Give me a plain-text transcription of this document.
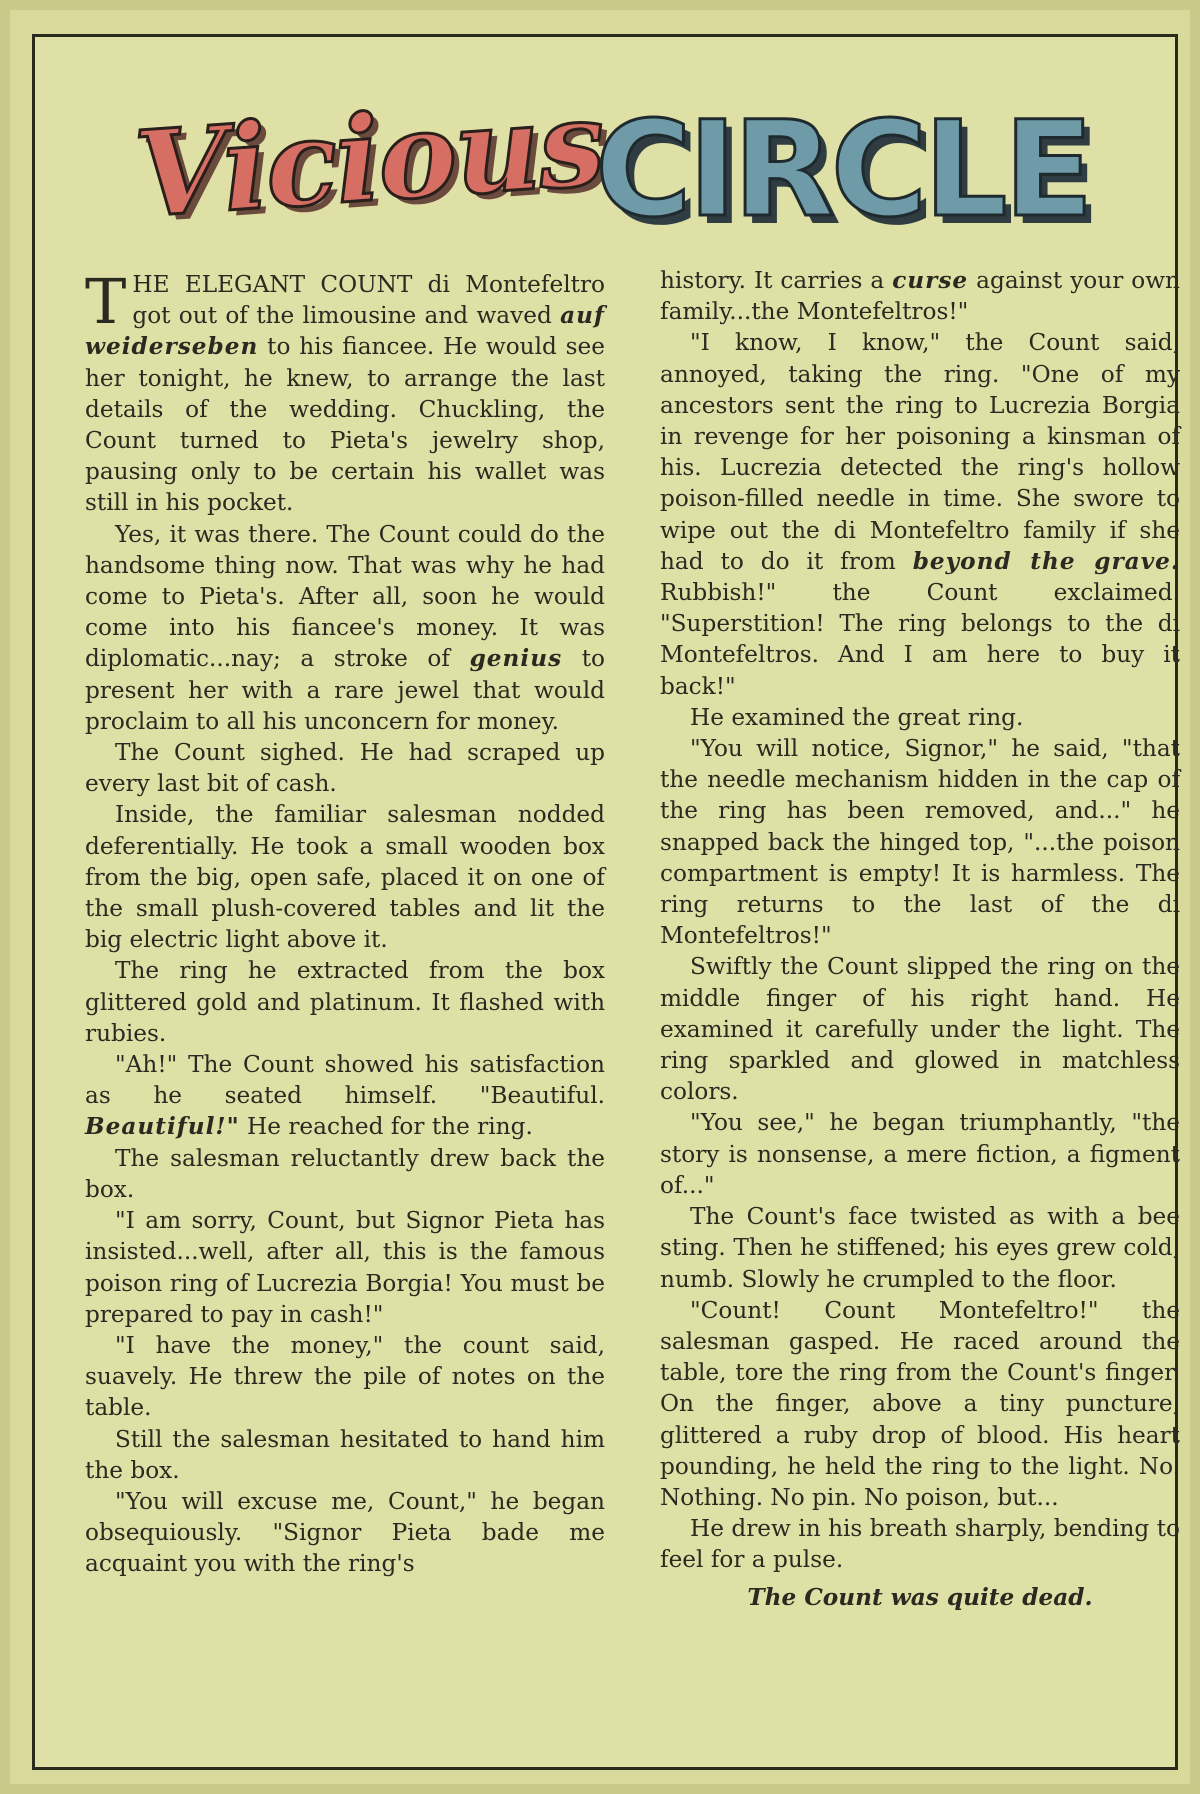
Vicious
CIRCLE

THE ELEGANT COUNT di Montefeltro got out of the limousine and waved auf weiderseben to his fiancee. He would see her tonight, he knew, to arrange the last details of the wedding. Chuckling, the Count turned to Pieta's jewelry shop, pausing only to be certain his wallet was still in his pocket.

Yes, it was there. The Count could do the handsome thing now. That was why he had come to Pieta's. After all, soon he would come into his fiancee's money. It was diplomatic...nay; a stroke of genius to present her with a rare jewel that would proclaim to all his unconcern for money.

The Count sighed. He had scraped up every last bit of cash.

Inside, the familiar salesman nodded deferentially. He took a small wooden box from the big, open safe, placed it on one of the small plush-covered tables and lit the big electric light above it.

The ring he extracted from the box glittered gold and platinum. It flashed with rubies.

"Ah!" The Count showed his satisfaction as he seated himself. "Beautiful. Beautiful!" He reached for the ring.

The salesman reluctantly drew back the box.

"I am sorry, Count, but Signor Pieta has insisted...well, after all, this is the famous poison ring of Lucrezia Borgia! You must be prepared to pay in cash!"

"I have the money," the count said, suavely. He threw the pile of notes on the table.

Still the salesman hesitated to hand him the box.

"You will excuse me, Count," he began obsequiously. "Signor Pieta bade me acquaint you with the ring's

history. It carries a curse against your own family...the Montefeltros!"

"I know, I know," the Count said, annoyed, taking the ring. "One of my ancestors sent the ring to Lucrezia Borgia in revenge for her poisoning a kinsman of his. Lucrezia detected the ring's hollow poison-filled needle in time. She swore to wipe out the di Montefeltro family if she had to do it from beyond the grave. Rubbish!" the Count exclaimed. "Superstition! The ring belongs to the di Montefeltros. And I am here to buy it back!"

He examined the great ring.

"You will notice, Signor," he said, "that the needle mechanism hidden in the cap of the ring has been removed, and..." he snapped back the hinged top, "...the poison compartment is empty! It is harmless. The ring returns to the last of the di Montefeltros!"

Swiftly the Count slipped the ring on the middle finger of his right hand. He examined it carefully under the light. The ring sparkled and glowed in matchless colors.

"You see," he began triumphantly, "the story is nonsense, a mere fiction, a figment of..."

The Count's face twisted as with a bee sting. Then he stiffened; his eyes grew cold, numb. Slowly he crumpled to the floor.

"Count! Count Montefeltro!" the salesman gasped. He raced around the table, tore the ring from the Count's finger. On the finger, above a tiny puncture, glittered a ruby drop of blood. His heart pounding, he held the ring to the light. No. Nothing. No pin. No poison, but...

He drew in his breath sharply, bending to feel for a pulse.

The Count was quite dead.
